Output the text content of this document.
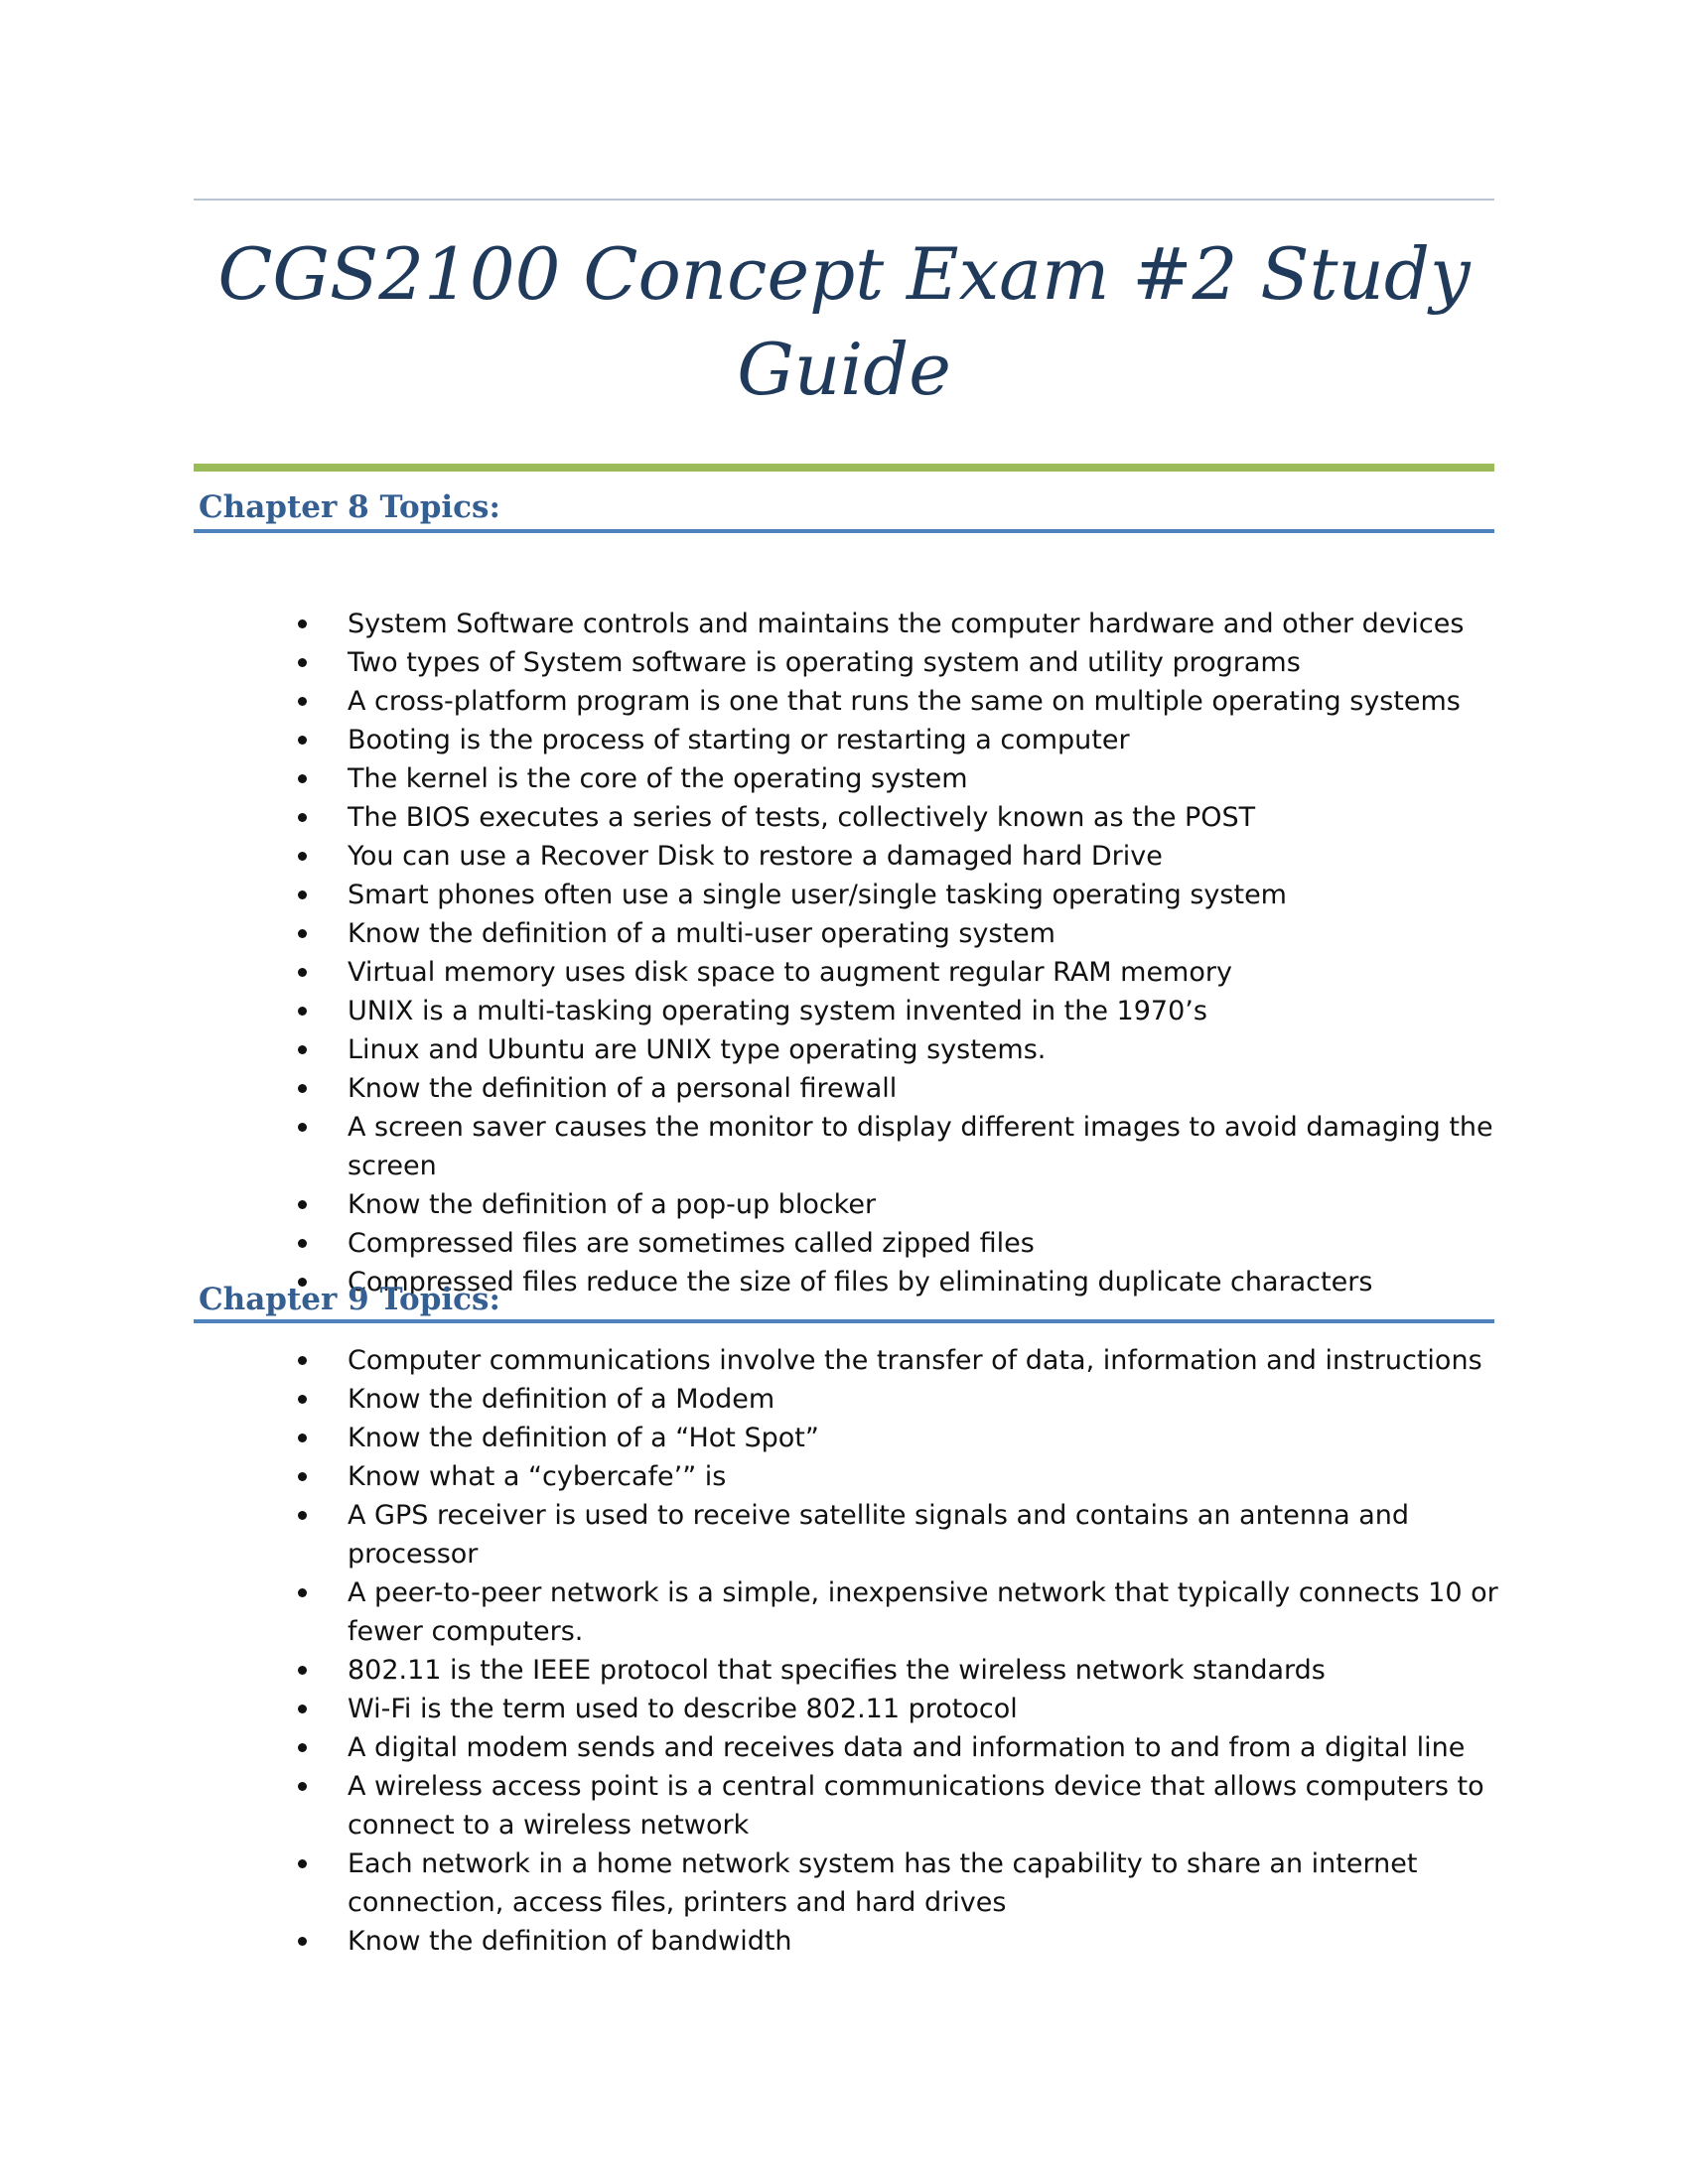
CGS2100 Concept Exam #2 Study Guide
Chapter 8 Topics:
System Software controls and maintains the computer hardware and other devices
Two types of System software is operating system and utility programs
A cross-platform program is one that runs the same on multiple operating systems
Booting is the process of starting or restarting a computer
The kernel is the core of the operating system
The BIOS executes a series of tests, collectively known as the POST
You can use a Recover Disk to restore a damaged hard Drive
Smart phones often use a single user/single tasking operating system
Know the definition of a multi-user operating system
Virtual memory uses disk space to augment regular RAM memory
UNIX is a multi-tasking operating system invented in the 1970’s
Linux and Ubuntu are UNIX type operating systems.
Know the definition of a personal firewall
A screen saver causes the monitor to display different images to avoid damaging the screen
Know the definition of a pop-up blocker
Compressed files are sometimes called zipped files
Compressed files reduce the size of files by eliminating duplicate characters
Chapter 9 Topics:
Computer communications involve the transfer of data, information and instructions
Know the definition of a Modem
Know the definition of a “Hot Spot”
Know what a “cybercafe’” is
A GPS receiver is used to receive satellite signals and contains an antenna and processor
A peer-to-peer network is a simple, inexpensive network that typically connects 10 or fewer computers.
802.11 is the IEEE protocol that specifies the wireless network standards
Wi-Fi is the term used to describe 802.11 protocol
A digital modem sends and receives data and information to and from a digital line
A wireless access point is a central communications device that allows computers to connect to a wireless network
Each network in a home network system has the capability to share an internet connection, access files, printers and hard drives
Know the definition of bandwidth
